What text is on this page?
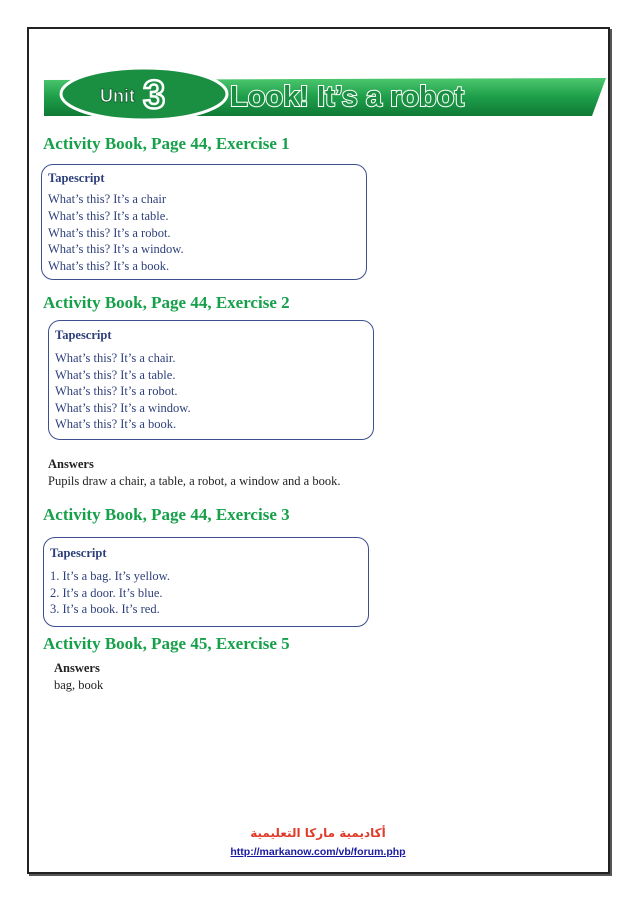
Unit 3 Look! It’s a robot
Activity Book, Page 44, Exercise 1
Tapescript
What’s this? It’s a chair
What’s this? It’s a table.
What’s this? It’s a robot.
What’s this? It’s a window.
What’s this? It’s a book.
Activity Book, Page 44, Exercise 2
Tapescript
What’s this? It’s a chair.
What’s this? It’s a table.
What’s this? It’s a robot.
What’s this? It’s a window.
What’s this? It’s a book.
Answers
Pupils draw a chair, a table, a robot, a window and a book.
Activity Book, Page 44, Exercise 3
Tapescript
1. It’s a bag. It’s yellow.
2. It’s a door. It’s blue.
3. It’s a book. It’s red.
Activity Book, Page 45, Exercise 5
Answers
bag, book
أكاديمية ماركا التعليمية
http://markanow.com/vb/forum.php
